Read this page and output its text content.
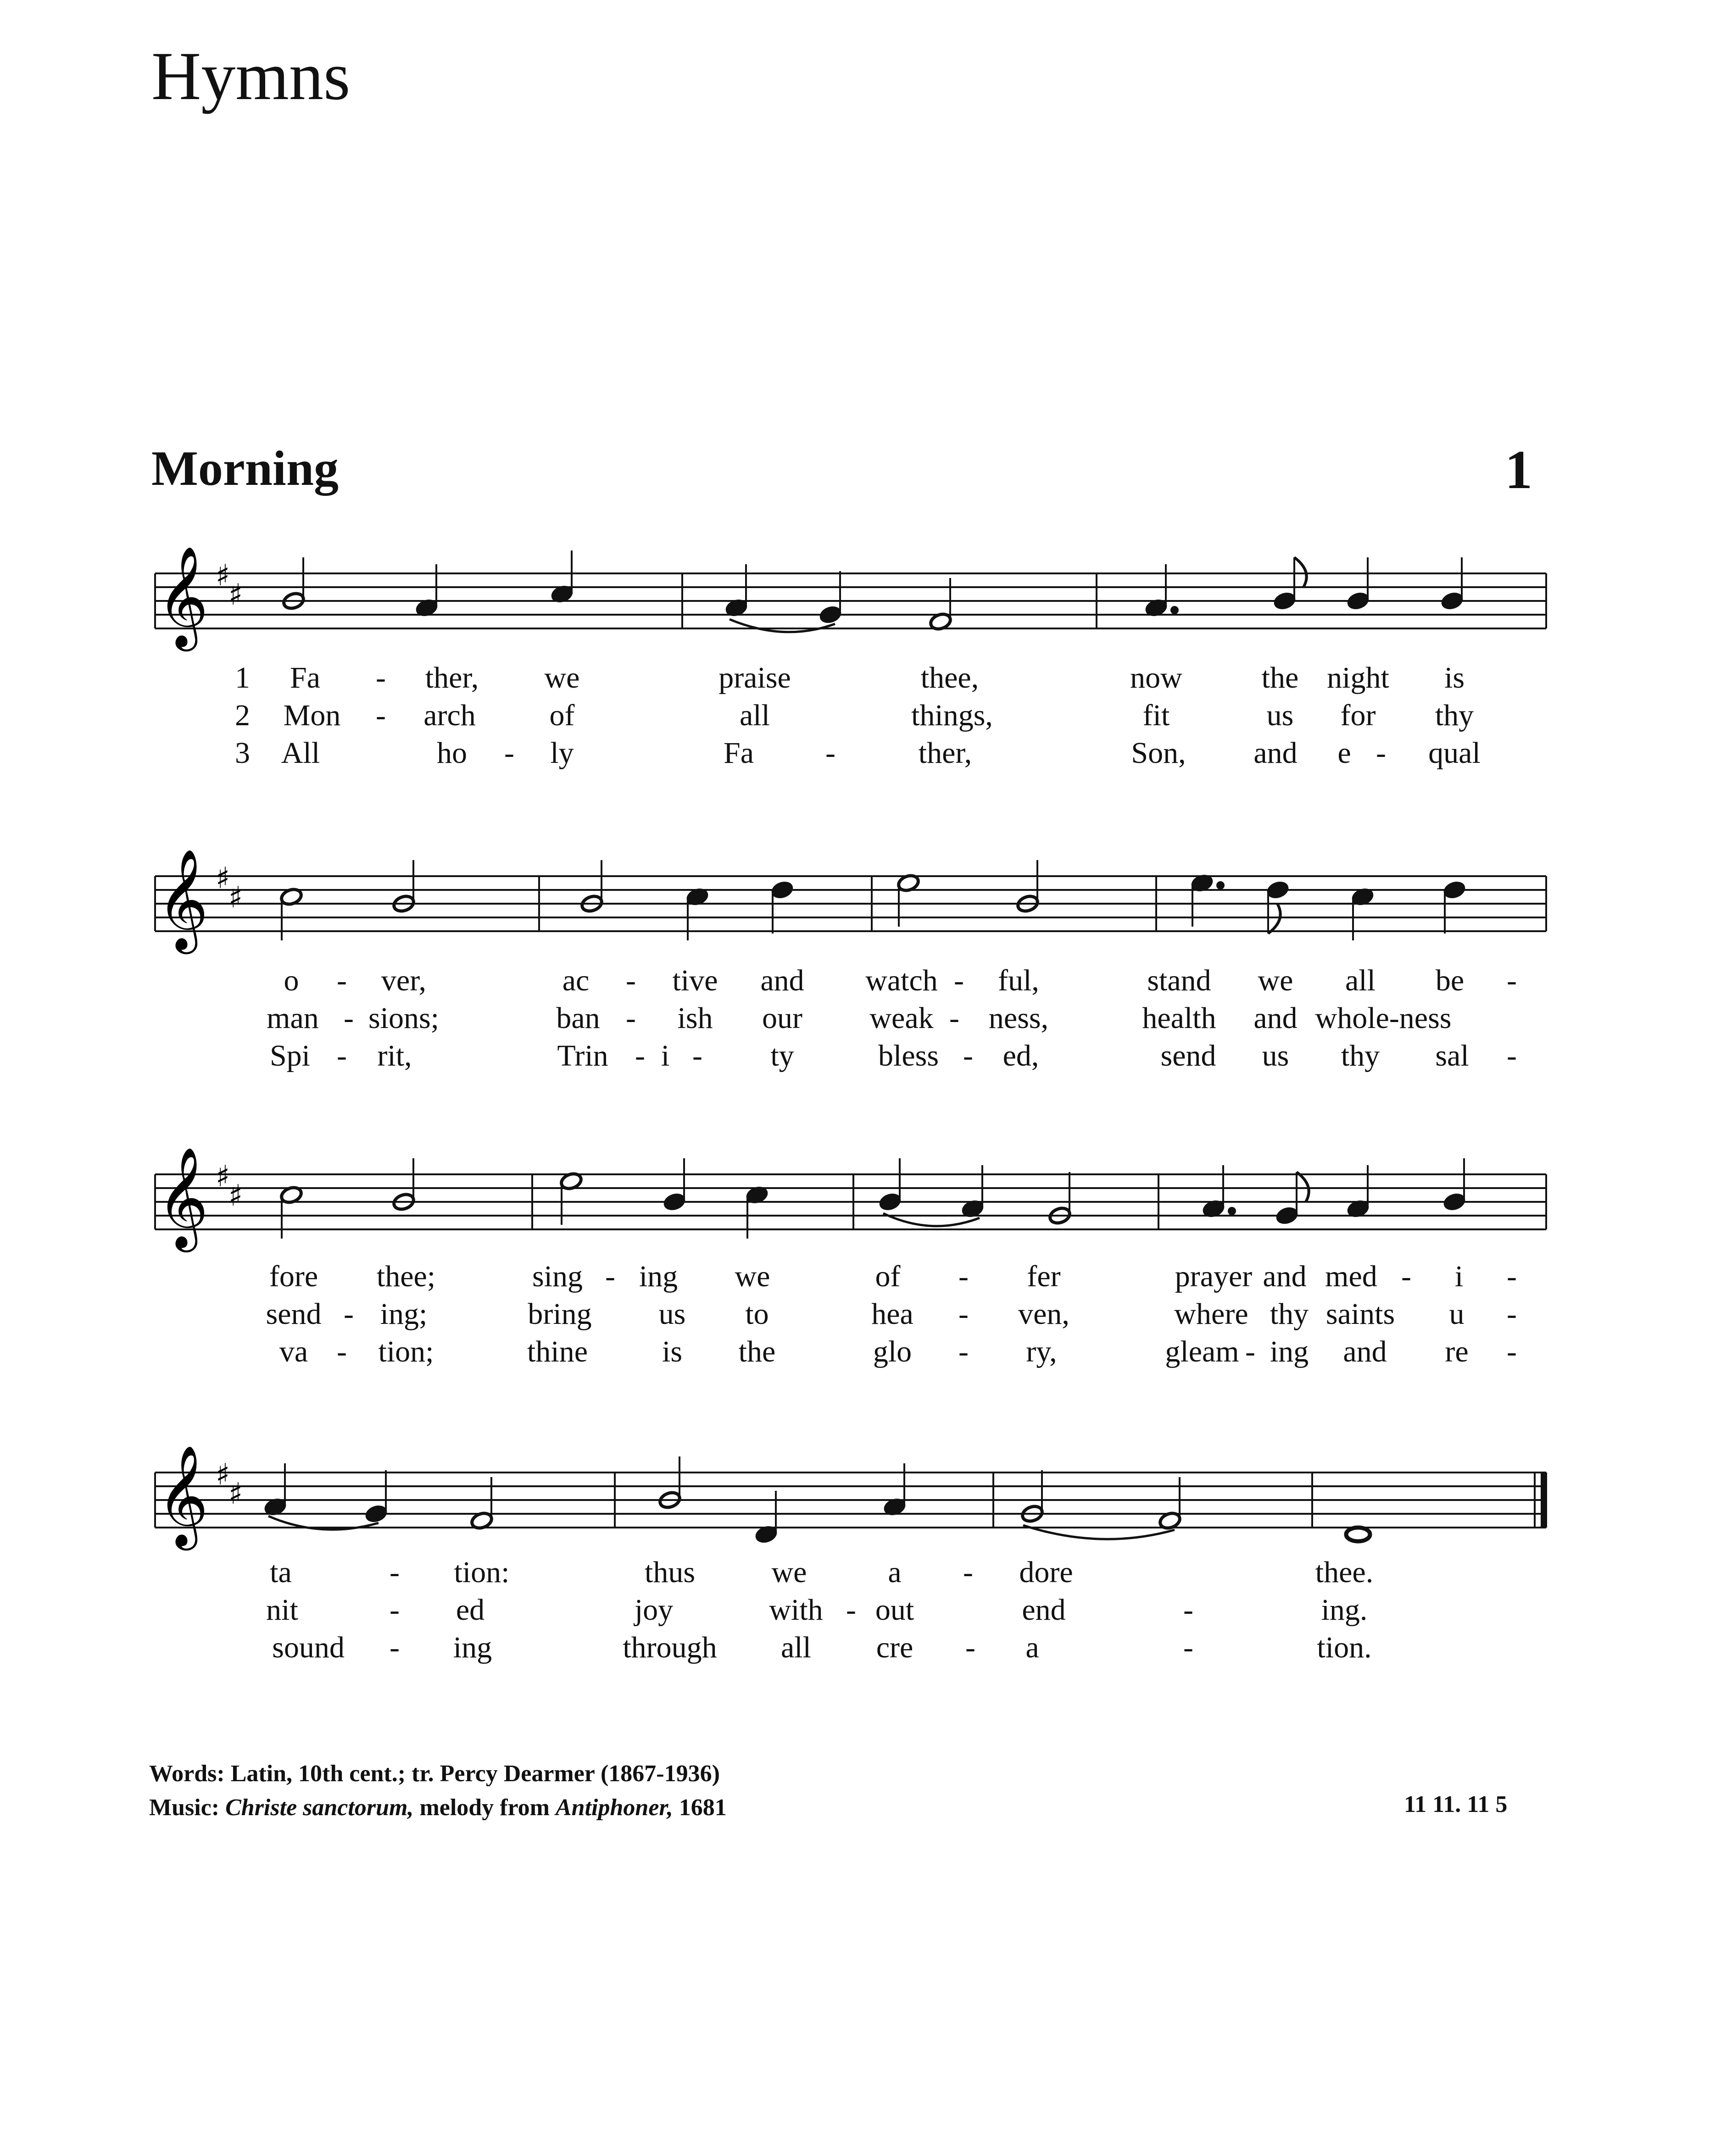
Hymns
Morning	1
𝄞 ♯
♯
1 Fa - ther, we	praise	thee,	now	the night is
2 Mon - arch of	all	things,	fit	us for thy
3 All	ho - ly	Fa -	ther,	Son, and e - qual
𝄞 ♯
♯
o - ver,	ac - tive and watch - ful,	stand we all be -
man - sions;	ban - ish our weak - ness,	health and whole-ness
Spi - rit,	Trin - i - ty	bless - ed,	send us thy sal -
𝄞 ♯
♯
fore thee;	sing - ing we	of - fer	prayer and med - i -
send - ing;	bring us to	hea - ven,	where thy saints u -
va - tion;	thine is the	glo - ry,	gleam - ing and re -
𝄞 ♯
♯
ta	- tion:	thus	we	a - dore	thee.
nit	- ed	joy	with - out	end	-	ing.
sound - ing	through all cre - a	-	tion.
Words: Latin, 10th cent.; tr. Percy Dearmer (1867-1936)
Music: Christe sanctorum, melody from Antiphoner, 1681	11 11. 11 5
